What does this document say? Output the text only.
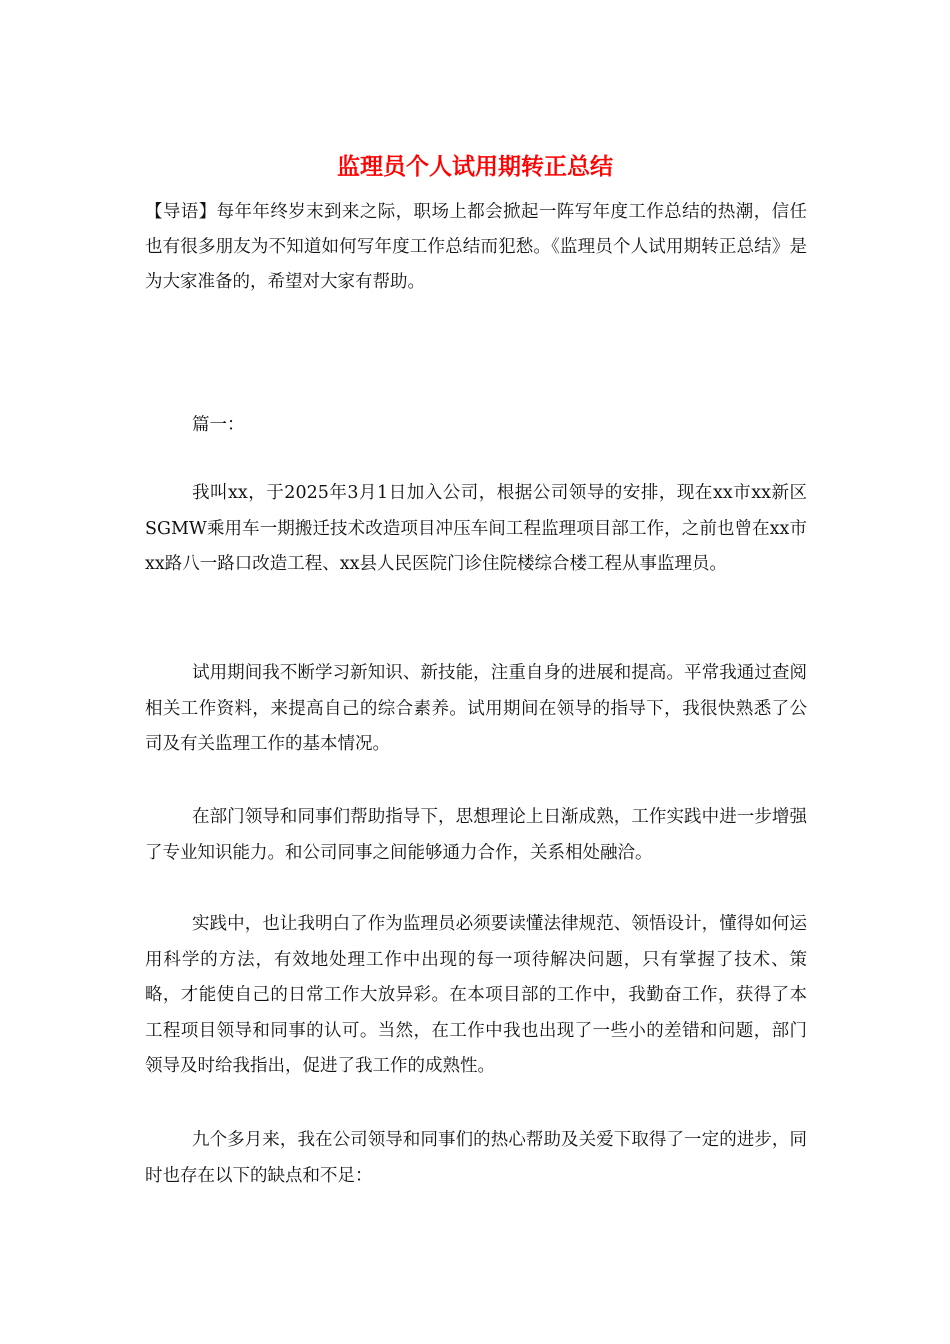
监理员个人试用期转正总结

【导语】每年年终岁末到来之际，职场上都会掀起一阵写年度工作总结的热潮，信任也有很多朋友为不知道如何写年度工作总结而犯愁。《监理员个人试用期转正总结》是为大家准备的，希望对大家有帮助。

篇一：

我叫xx，于2025年3月1日加入公司，根据公司领导的安排，现在xx市xx新区SGMW乘用车一期搬迁技术改造项目冲压车间工程监理项目部工作，之前也曾在xx市xx路八一路口改造工程、xx县人民医院门诊住院楼综合楼工程从事监理员。

试用期间我不断学习新知识、新技能，注重自身的进展和提高。平常我通过查阅相关工作资料，来提高自己的综合素养。试用期间在领导的指导下，我很快熟悉了公司及有关监理工作的基本情况。

在部门领导和同事们帮助指导下，思想理论上日渐成熟，工作实践中进一步增强了专业知识能力。和公司同事之间能够通力合作，关系相处融洽。

实践中，也让我明白了作为监理员必须要读懂法律规范、领悟设计，懂得如何运用科学的方法，有效地处理工作中出现的每一项待解决问题，只有掌握了技术、策略，才能使自己的日常工作大放异彩。在本项目部的工作中，我勤奋工作，获得了本工程项目领导和同事的认可。当然，在工作中我也出现了一些小的差错和问题，部门领导及时给我指出，促进了我工作的成熟性。

九个多月来，我在公司领导和同事们的热心帮助及关爱下取得了一定的进步，同时也存在以下的缺点和不足：
